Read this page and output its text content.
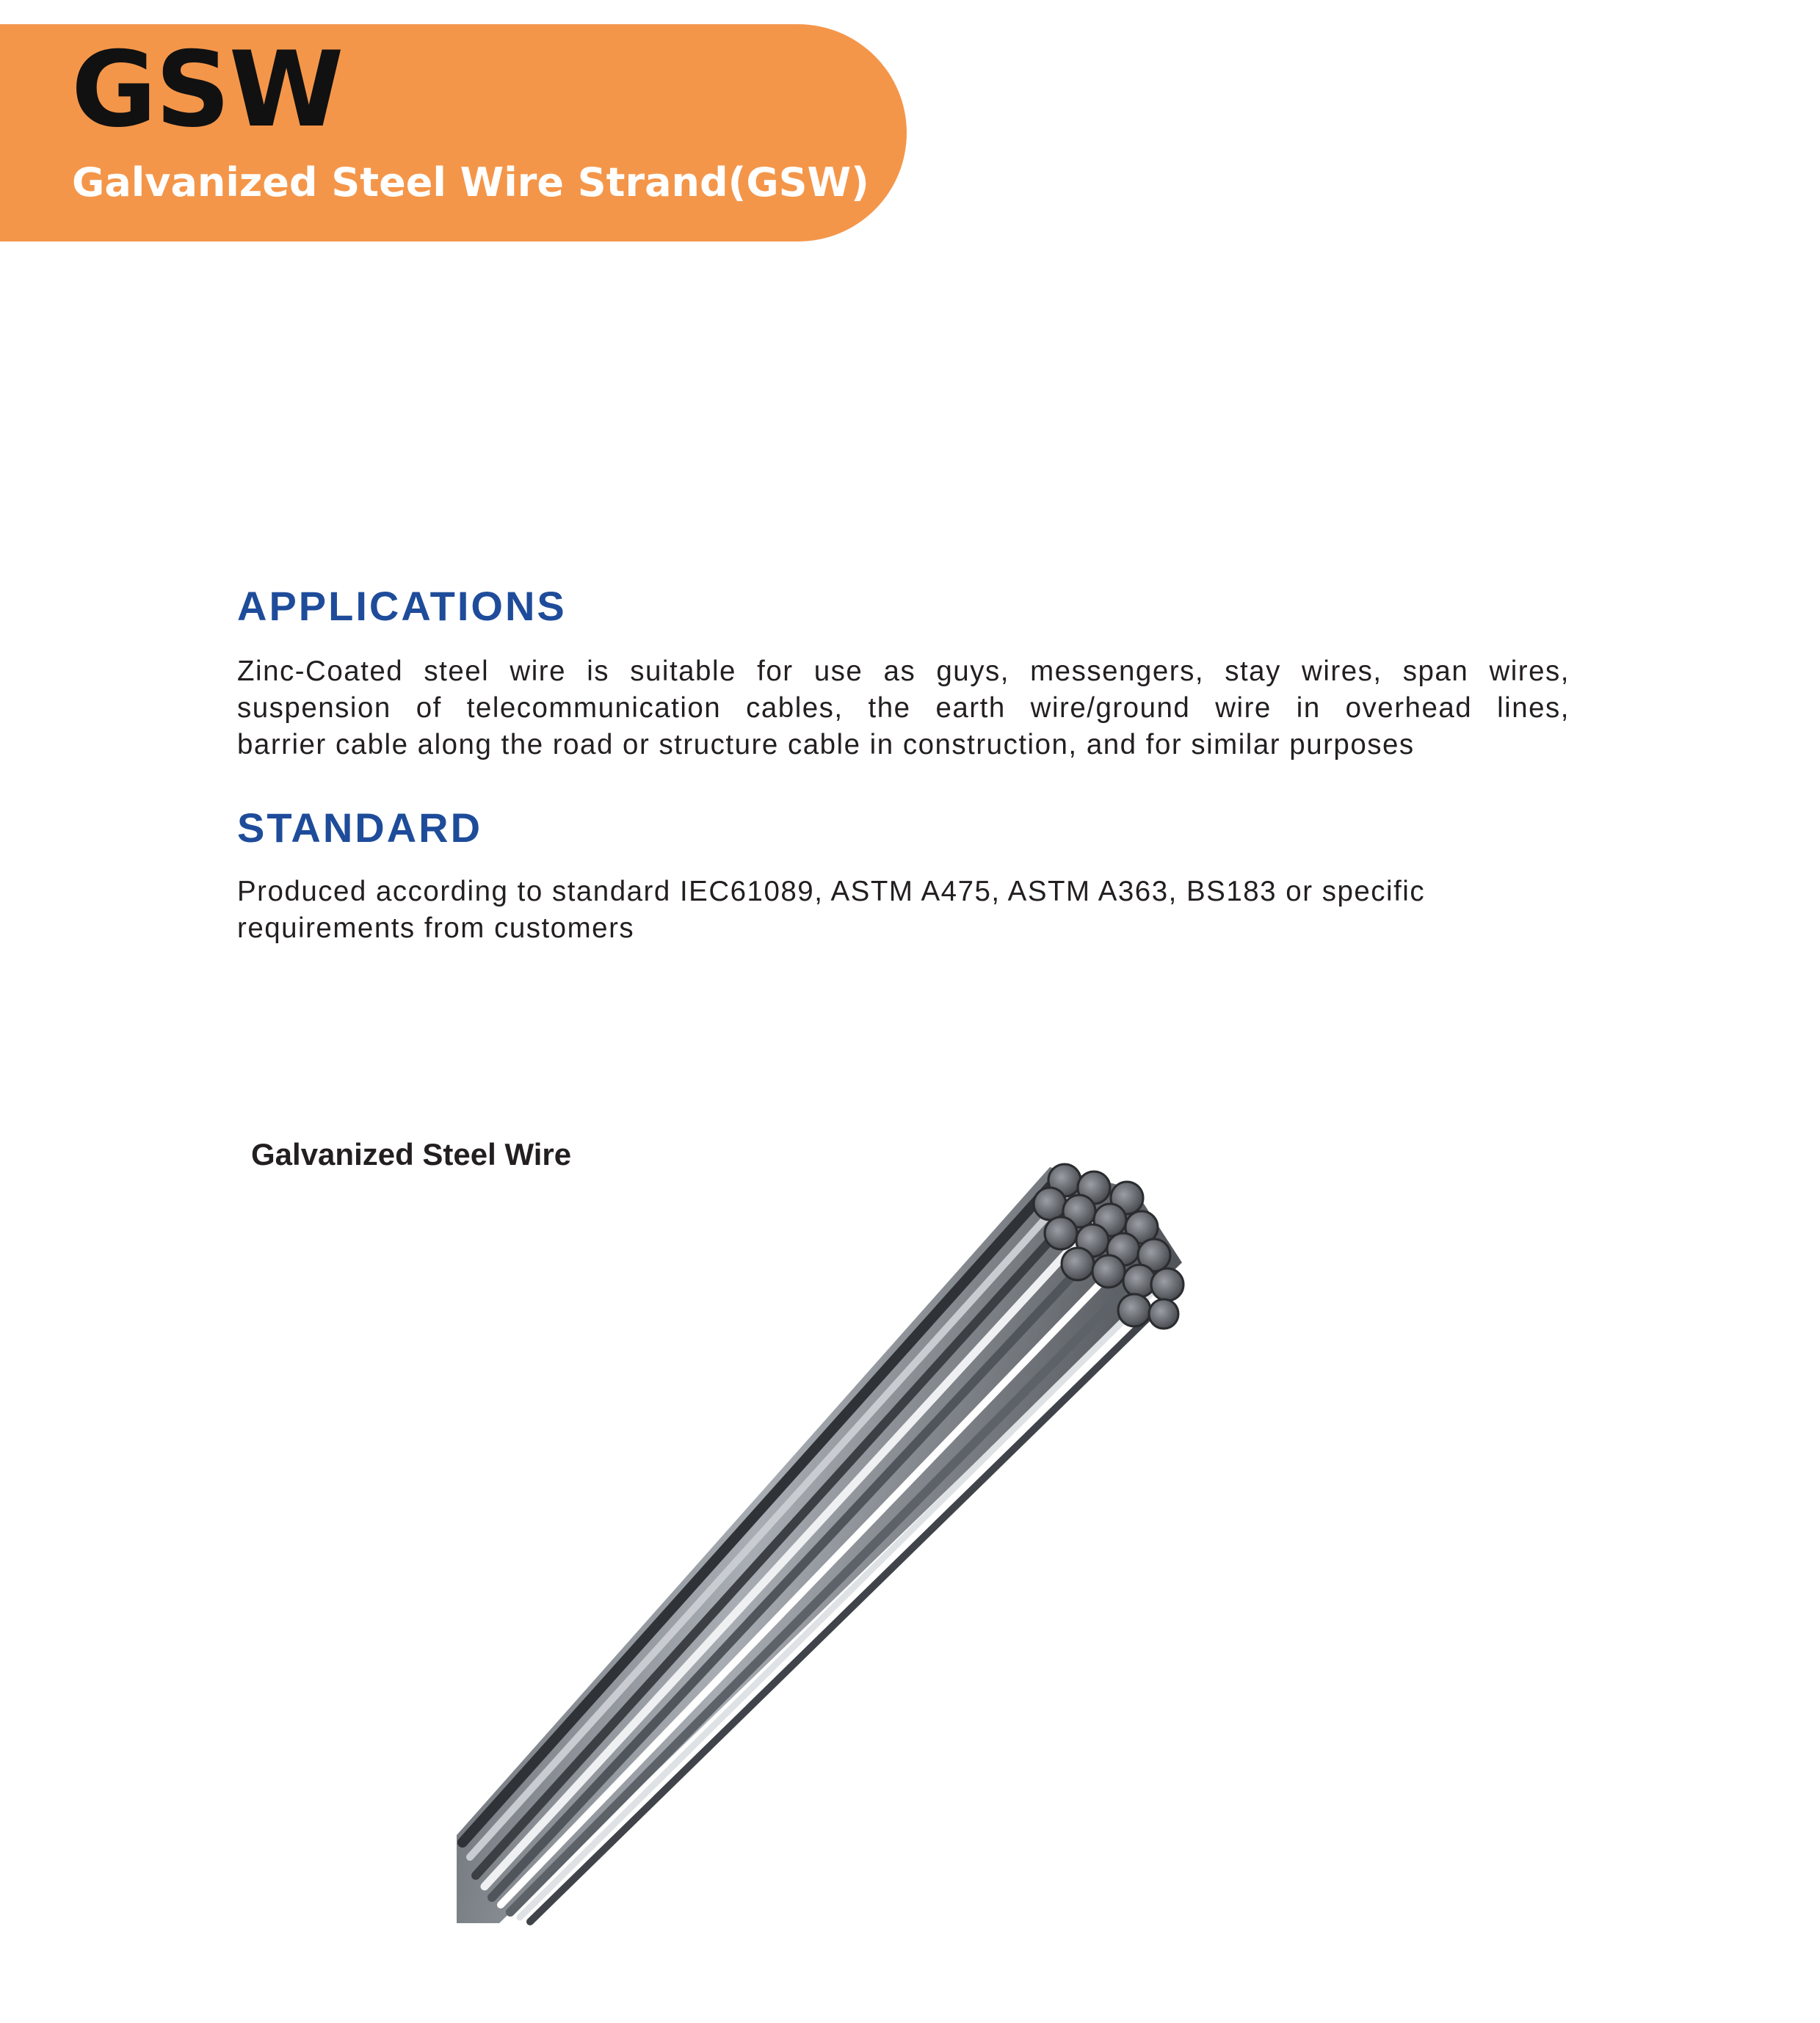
GSW
Galvanized Steel Wire Strand(GSW)
APPLICATIONS
Zinc-Coated steel wire is suitable for use as guys, messengers, stay wires, span wires,
suspension of telecommunication cables, the earth wire/ground wire in overhead lines,
barrier cable along the road or structure cable in construction, and for similar purposes
STANDARD
Produced according to standard IEC61089, ASTM A475, ASTM A363, BS183 or specific
requirements from customers
Galvanized Steel Wire
